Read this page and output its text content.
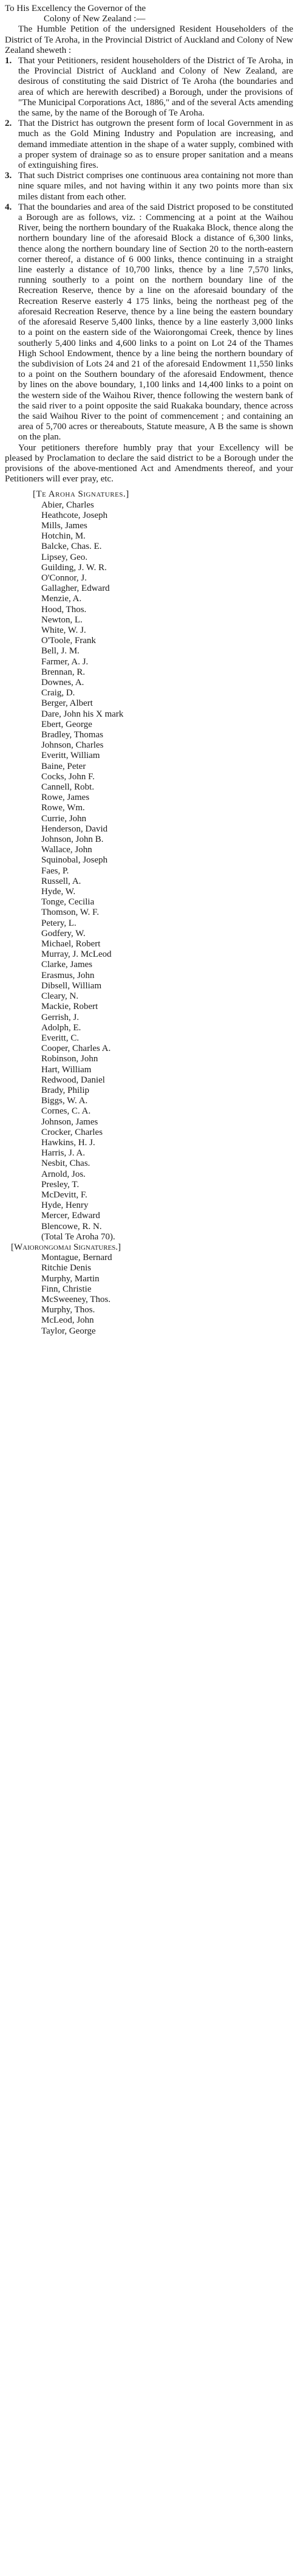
To His Excellency the Governor of the
Colony of New Zealand :—

The Humble Petition of the undersigned Resident Householders of the District of Te Aroha, in the Provincial District of Auckland and Colony of New Zealand sheweth :

1. That your Petitioners, resident householders of the District of Te Aroha, in the Provincial District of Auckland and Colony of New Zealand, are desirous of constituting the said District of Te Aroha (the boundaries and area of which are herewith described) a Borough, under the provisions of "The Municipal Corporations Act, 1886," and of the several Acts amending the same, by the name of the Borough of Te Aroha.
2. That the District has outgrown the present form of local Government in as much as the Gold Mining Industry and Population are increasing, and demand immediate attention in the shape of a water supply, combined with a proper system of drainage so as to ensure proper sanitation and a means of extinguishing fires.
3. That such District comprises one continuous area containing not more than nine square miles, and not having within it any two points more than six miles distant from each other.
4. That the boundaries and area of the said District proposed to be constituted a Borough are as follows, viz. : Commencing at a point at the Waihou River, being the northern boundary of the Ruakaka Block, thence along the northern boundary line of the aforesaid Block a distance of 6,300 links, thence along the northern boundary line of Section 20 to the north-eastern corner thereof, a distance of 6 000 links, thence continuing in a straight line easterly a distance of 10,700 links, thence by a line 7,570 links, running southerly to a point on the northern boundary line of the Recreation Reserve, thence by a line on the aforesaid boundary of the Recreation Reserve easterly 4 175 links, being the northeast peg of the aforesaid Recreation Reserve, thence by a line being the eastern boundary of the aforesaid Reserve 5,400 links, thence by a line easterly 3,000 links to a point on the eastern side of the Waiorongomai Creek, thence by lines southerly 5,400 links and 4,600 links to a point on Lot 24 of the Thames High School Endowment, thence by a line being the northern boundary of the subdivision of Lots 24 and 21 of the aforesaid Endowment 11,550 links to a point on the Southern boundary of the aforesaid Endowment, thence by lines on the above boundary, 1,100 links and 14,400 links to a point on the western side of the Waihou River, thence following the western bank of the said river to a point opposite the said Ruakaka boundary, thence across the said Waihou River to the point of commencement ; and containing an area of 5,700 acres or thereabouts, Statute measure, A B the same is shown on the plan.

Your petitioners therefore humbly pray that your Excellency will be pleased by Proclamation to declare the said district to be a Borough under the provisions of the above-mentioned Act and Amendments thereof, and your Petitioners will ever pray, etc.

[Te Aroha Signatures.]
Abier, Charles
Heathcote, Joseph
Mills, James
Hotchin, M.
Balcke, Chas. E.
Lipsey, Geo.
Guilding, J. W. R.
O'Connor, J.
Gallagher, Edward
Menzie, A.
Hood, Thos.
Newton, L.
White, W. J.
O'Toole, Frank
Bell, J. M.
Farmer, A. J.
Brennan, R.
Downes, A.
Craig, D.
Berger, Albert
Dare, John his X mark
Ebert, George
Bradley, Thomas
Johnson, Charles
Everitt, William
Baine, Peter
Cocks, John F.
Cannell, Robt.
Rowe, James
Rowe, Wm.
Currie, John
Henderson, David
Johnson, John B.
Wallace, John
Squinobal, Joseph
Faes, P.
Russell, A.
Hyde, W.
Tonge, Cecilia
Thomson, W. F.
Petery, L.
Godfery, W.
Michael, Robert
Murray, J. McLeod
Clarke, James
Erasmus, John
Dibsell, William
Cleary, N.
Mackie, Robert
Gerrish, J.
Adolph, E.
Everitt, C.
Cooper, Charles A.
Robinson, John
Hart, William
Redwood, Daniel
Brady, Philip
Biggs, W. A.
Cornes, C. A.
Johnson, James
Crocker, Charles
Hawkins, H. J.
Harris, J. A.
Nesbit, Chas.
Arnold, Jos.
Presley, T.
McDevitt, F.
Hyde, Henry
Mercer, Edward
Blencowe, R. N.
(Total Te Aroha 70).
[Waiorongomai Signatures.]
Montague, Bernard
Ritchie Denis
Murphy, Martin
Finn, Christie
McSweeney, Thos.
Murphy, Thos.
McLeod, John
Taylor, George
